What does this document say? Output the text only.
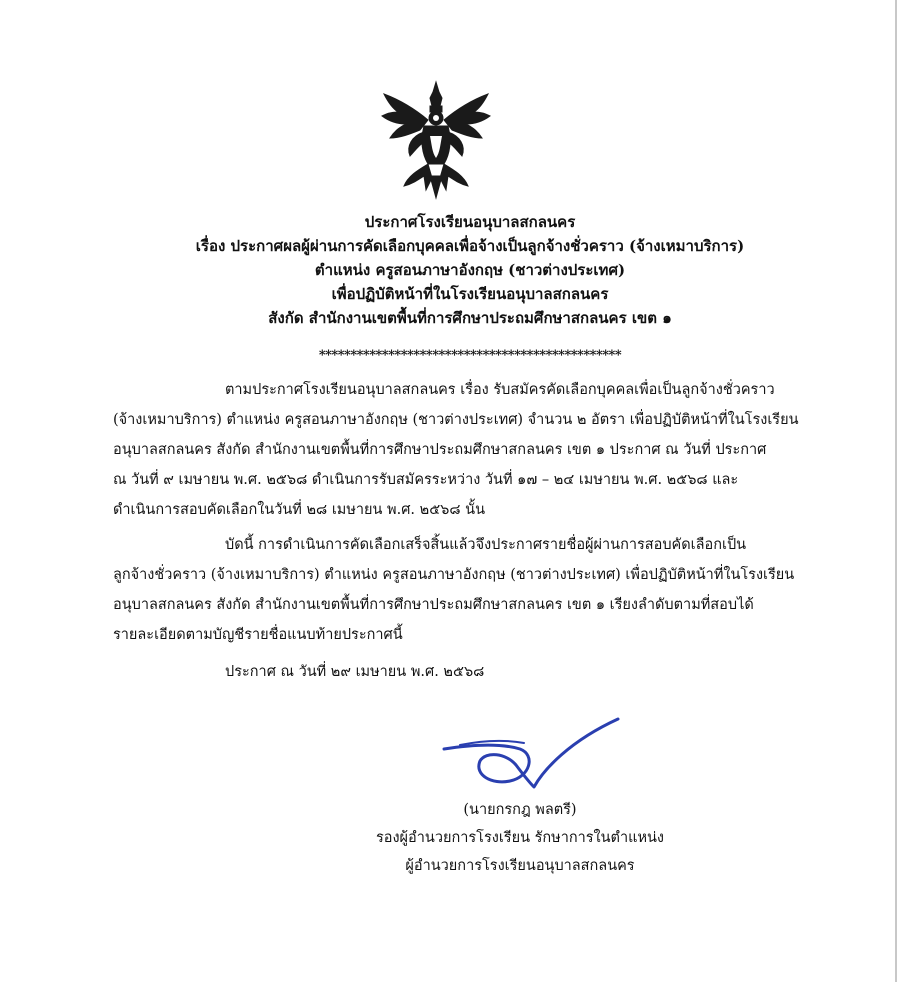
ประกาศโรงเรียนอนุบาลสกลนคร
เรื่อง ประกาศผลผู้ผ่านการคัดเลือกบุคคลเพื่อจ้างเป็นลูกจ้างชั่วคราว (จ้างเหมาบริการ)
ตำแหน่ง ครูสอนภาษาอังกฤษ (ชาวต่างประเทศ)
เพื่อปฏิบัติหน้าที่ในโรงเรียนอนุบาลสกลนคร
สังกัด สำนักงานเขตพื้นที่การศึกษาประถมศึกษาสกลนคร เขต ๑
************************************************
ตามประกาศโรงเรียนอนุบาลสกลนคร เรื่อง รับสมัครคัดเลือกบุคคลเพื่อเป็นลูกจ้างชั่วคราว
(จ้างเหมาบริการ) ตำแหน่ง ครูสอนภาษาอังกฤษ (ชาวต่างประเทศ) จำนวน ๒ อัตรา เพื่อปฏิบัติหน้าที่ในโรงเรียน
อนุบาลสกลนคร สังกัด สำนักงานเขตพื้นที่การศึกษาประถมศึกษาสกลนคร เขต ๑ ประกาศ ณ วันที่ ประกาศ
ณ วันที่ ๙ เมษายน พ.ศ. ๒๕๖๘ ดำเนินการรับสมัครระหว่าง วันที่ ๑๗ – ๒๔ เมษายน พ.ศ. ๒๕๖๘ และ
ดำเนินการสอบคัดเลือกในวันที่ ๒๘ เมษายน พ.ศ. ๒๕๖๘ นั้น
บัดนี้ การดำเนินการคัดเลือกเสร็จสิ้นแล้วจึงประกาศรายชื่อผู้ผ่านการสอบคัดเลือกเป็น
ลูกจ้างชั่วคราว (จ้างเหมาบริการ) ตำแหน่ง ครูสอนภาษาอังกฤษ (ชาวต่างประเทศ) เพื่อปฏิบัติหน้าที่ในโรงเรียน
อนุบาลสกลนคร สังกัด สำนักงานเขตพื้นที่การศึกษาประถมศึกษาสกลนคร เขต ๑ เรียงลำดับตามที่สอบได้
รายละเอียดตามบัญชีรายชื่อแนบท้ายประกาศนี้
ประกาศ ณ วันที่ ๒๙ เมษายน พ.ศ. ๒๕๖๘
(นายกรกฎ พลตรี)
รองผู้อำนวยการโรงเรียน รักษาการในตำแหน่ง
ผู้อำนวยการโรงเรียนอนุบาลสกลนคร
